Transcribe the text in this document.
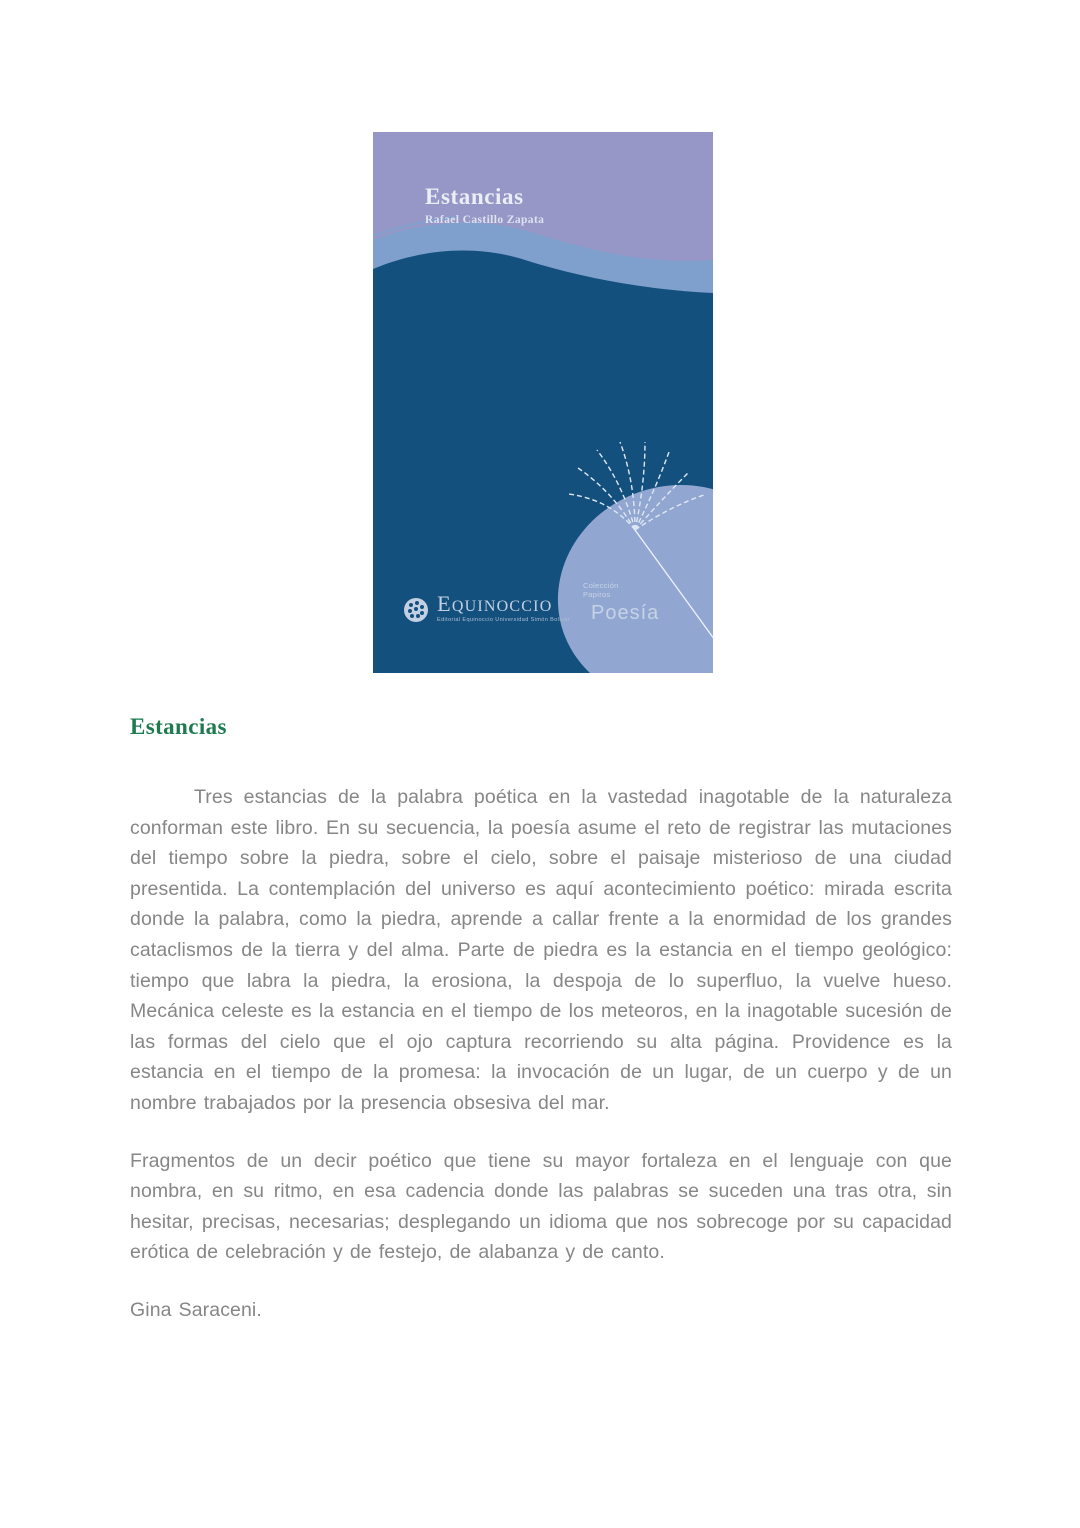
Estancias
Rafael Castillo Zapata
EQUINOCCIO
Editorial Equinoccio Universidad Simón Bolívar
Colección
Papiros
Poesía
Estancias

Tres estancias de la palabra poética en la vastedad inagotable de la naturaleza conforman este libro. En su secuencia, la poesía asume el reto de registrar las mutaciones del tiempo sobre la piedra, sobre el cielo, sobre el paisaje misterioso de una ciudad presentida. La contemplación del universo es aquí acontecimiento poético: mirada escrita donde la palabra, como la piedra, aprende a callar frente a la enormidad de los grandes cataclismos de la tierra y del alma. Parte de piedra es la estancia en el tiempo geológico: tiempo que labra la piedra, la erosiona, la despoja de lo superfluo, la vuelve hueso. Mecánica celeste es la estancia en el tiempo de los meteoros, en la inagotable sucesión de las formas del cielo que el ojo captura recorriendo su alta página. Providence es la estancia en el tiempo de la promesa: la invocación de un lugar, de un cuerpo y de un nombre trabajados por la presencia obsesiva del mar.

Fragmentos de un decir poético que tiene su mayor fortaleza en el lenguaje con que nombra, en su ritmo, en esa cadencia donde las palabras se suceden una tras otra, sin hesitar, precisas, necesarias; desplegando un idioma que nos sobrecoge por su capacidad erótica de celebración y de festejo, de alabanza y de canto.

Gina Saraceni.
